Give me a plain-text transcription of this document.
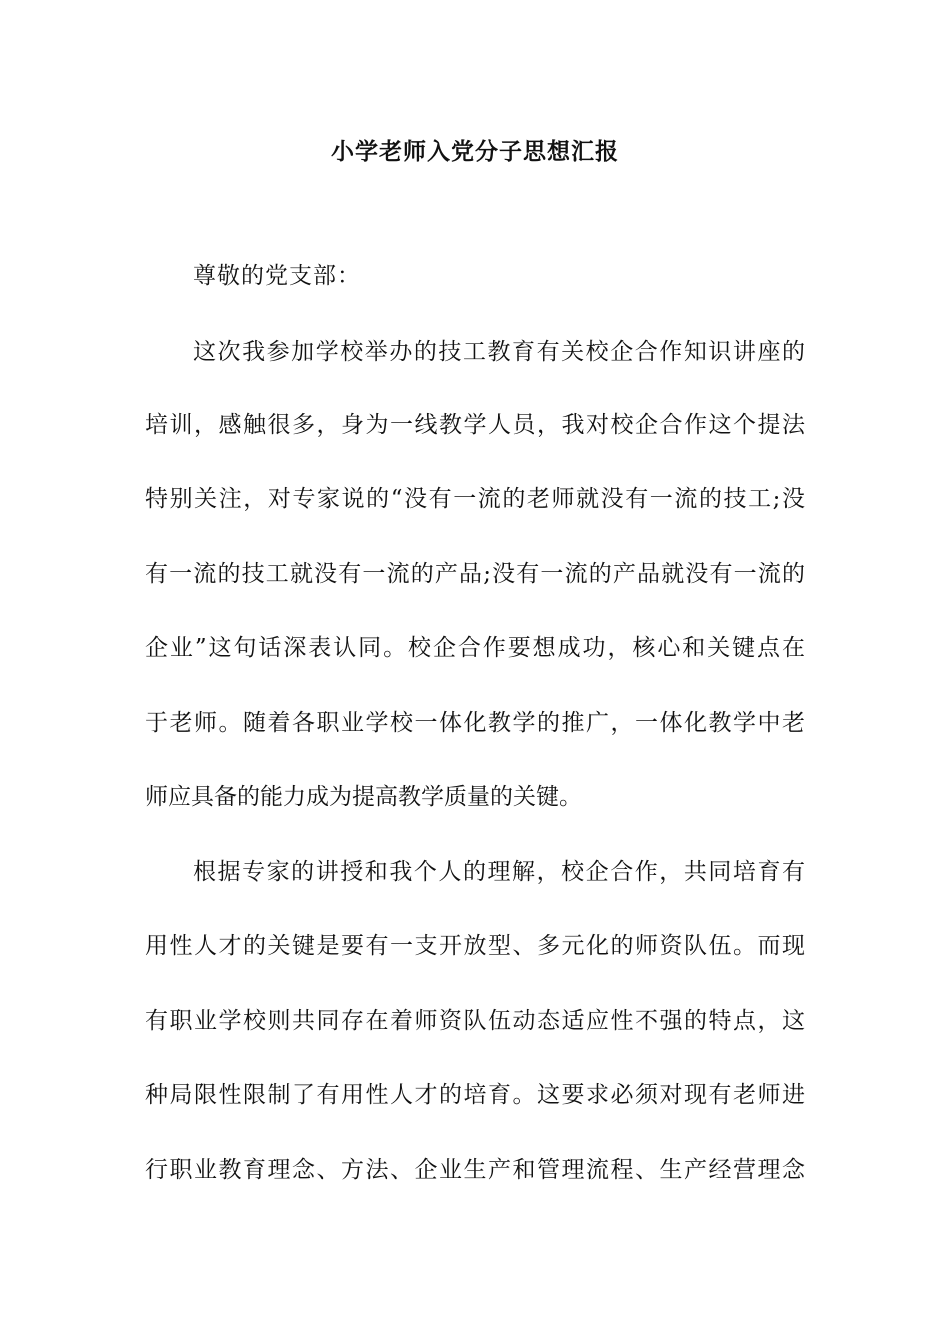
小学老师入党分子思想汇报
尊敬的党支部：
这次我参加学校举办的技工教育有关校企合作知识讲座的
培训，感触很多，身为一线教学人员，我对校企合作这个提法
特别关注，对专家说的“没有一流的老师就没有一流的技工;没
有一流的技工就没有一流的产品;没有一流的产品就没有一流的
企业”这句话深表认同。校企合作要想成功，核心和关键点在
于老师。随着各职业学校一体化教学的推广，一体化教学中老
师应具备的能力成为提高教学质量的关键。
根据专家的讲授和我个人的理解，校企合作，共同培育有
用性人才的关键是要有一支开放型、多元化的师资队伍。而现
有职业学校则共同存在着师资队伍动态适应性不强的特点，这
种局限性限制了有用性人才的培育。这要求必须对现有老师进
行职业教育理念、方法、企业生产和管理流程、生产经营理念
